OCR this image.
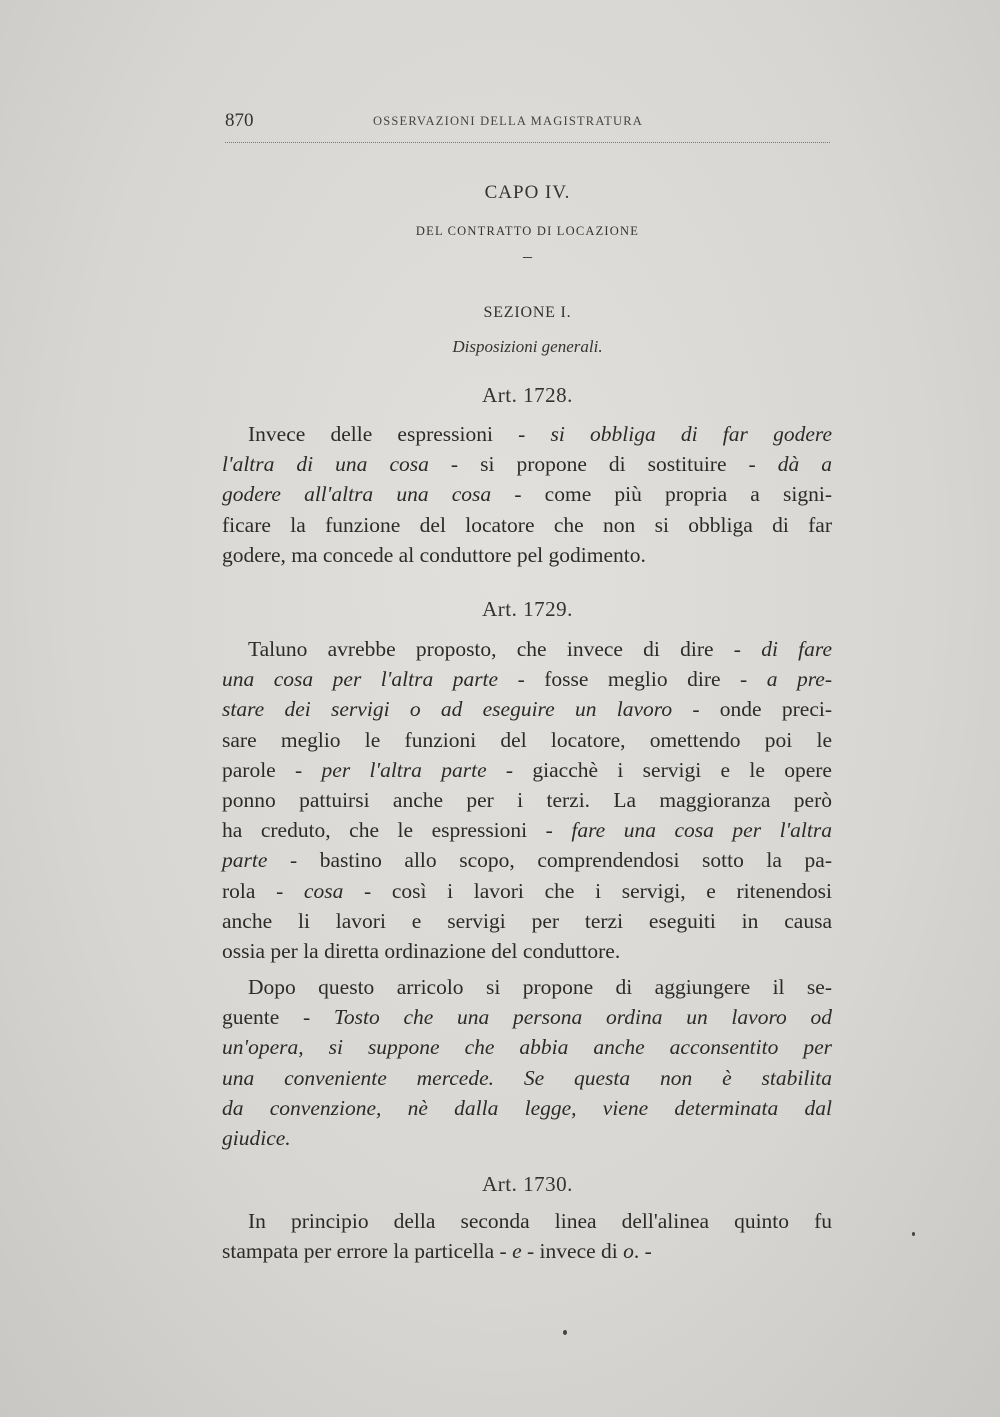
870	OSSERVAZIONI DELLA MAGISTRATURA
CAPO IV.
DEL CONTRATTO DI LOCAZIONE
–
SEZIONE I.
Disposizioni generali.
Art. 1728.
Invece delle espressioni - si obbliga di far godere
l'altra di una cosa - si propone di sostituire - dà a
godere all'altra una cosa - come più propria a signi-
ficare la funzione del locatore che non si obbliga di far
godere, ma concede al conduttore pel godimento.
Art. 1729.
Taluno avrebbe proposto, che invece di dire - di fare
una cosa per l'altra parte - fosse meglio dire - a pre-
stare dei servigi o ad eseguire un lavoro - onde preci-
sare meglio le funzioni del locatore, omettendo poi le
parole - per l'altra parte - giacchè i servigi e le opere
ponno pattuirsi anche per i terzi. La maggioranza però
ha creduto, che le espressioni - fare una cosa per l'altra
parte - bastino allo scopo, comprendendosi sotto la pa-
rola - cosa - così i lavori che i servigi, e ritenendosi
anche li lavori e servigi per terzi eseguiti in causa
ossia per la diretta ordinazione del conduttore.
Dopo questo arricolo si propone di aggiungere il se-
guente - Tosto che una persona ordina un lavoro od
un'opera, si suppone che abbia anche acconsentito per
una conveniente mercede. Se questa non è stabilita
da convenzione, nè dalla legge, viene determinata dal
giudice.
Art. 1730.
In principio della seconda linea dell'alinea quinto fu
stampata per errore la particella - e - invece di o. -
